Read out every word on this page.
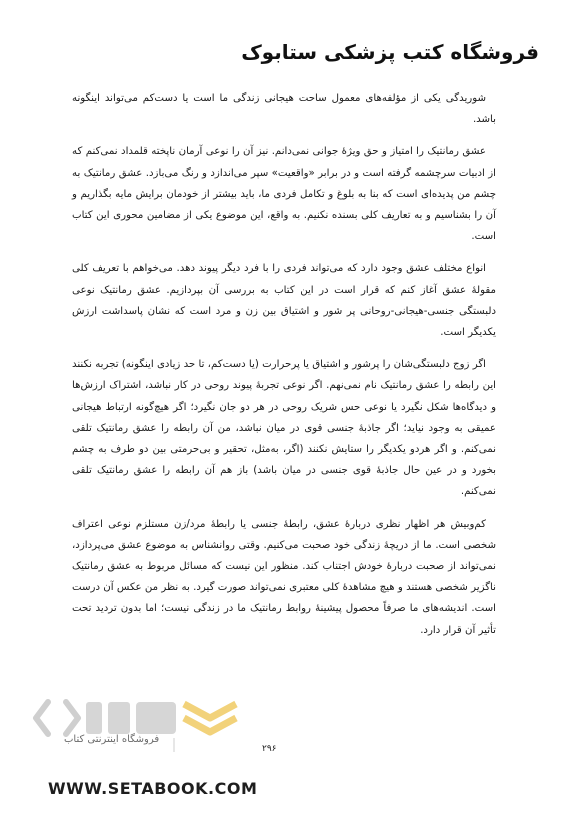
فروشگاه کتب پزشکی ستابوک

شوریدگی یکی از مؤلفه‌های معمول ساحت هیجانی زندگی ما است یا دست‌کم می‌تواند اینگونه باشد.

عشق رمانتیک را امتیاز و حق ویژهٔ جوانی نمی‌دانم. نیز آن را نوعی آرمان ناپخته قلمداد نمی‌کنم که از ادبیات سرچشمه گرفته است و در برابر «واقعیت» سپر می‌اندازد و رنگ می‌بازد. عشق رمانتیک به چشم من پدیده‌ای است که بنا به بلوغ و تکامل فردی ما، باید بیشتر از خودمان برایش مایه بگذاریم و آن را بشناسیم و به تعاریف کلی بسنده نکنیم. به واقع، این موضوع یکی از مضامین محوری این کتاب است.

انواع مختلف عشق وجود دارد که می‌تواند فردی را با فرد دیگر پیوند دهد. می‌خواهم با تعریف کلی مقولهٔ عشق آغاز کنم که قرار است در این کتاب به بررسی آن بپردازیم. عشق رمانتیک نوعی دلبستگی جنسی-هیجانی-روحانی پر شور و اشتیاق بین زن و مرد است که نشان پاسداشت ارزش یکدیگر است.

اگر زوج دلبستگی‌شان را پرشور و اشتیاق یا پرحرارت (یا دست‌کم، تا حد زیادی اینگونه) تجربه نکنند این رابطه را عشق رمانتیک نام نمی‌نهم. اگر نوعی تجربهٔ پیوند روحی در کار نباشد، اشتراک ارزش‌ها و دیدگاه‌ها شکل نگیرد یا نوعی حس شریک روحی در هر دو جان نگیرد؛ اگر هیچ‌گونه ارتباط هیجانی عمیقی به وجود نیاید؛ اگر جاذبهٔ جنسی قوی در میان نباشد، من آن رابطه را عشق رمانتیک تلقی نمی‌کنم. و اگر هردو یکدیگر را ستایش نکنند (اگر، به‌مثل، تحقیر و بی‌حرمتی بین دو طرف به چشم بخورد و در عین حال جاذبهٔ قوی جنسی در میان باشد) باز هم آن رابطه را عشق رمانتیک تلقی نمی‌کنم.

کم‌وبیش هر اظهار نظری دربارهٔ عشق، رابطهٔ جنسی یا رابطهٔ مرد/زن مستلزم نوعی اعتراف شخصی است. ما از دریچهٔ زندگی خود صحبت می‌کنیم. وقتی روانشناس به موضوع عشق می‌پردازد، نمی‌تواند از صحبت دربارهٔ خودش اجتناب کند. منظور این نیست که مسائل مربوط به عشق رمانتیک ناگزیر شخصی هستند و هیچ مشاهدهٔ کلی معتبری نمی‌تواند صورت گیرد. به نظر من عکس آن درست است. اندیشه‌های ما صرفاً محصول پیشینهٔ روابط رمانتیک ما در زندگی نیست؛ اما بدون تردید تحت تأثیر آن قرار دارد.

فروشگاه اینترنتی کتاب
۲۹۶
WWW.SETABOOK.COM
